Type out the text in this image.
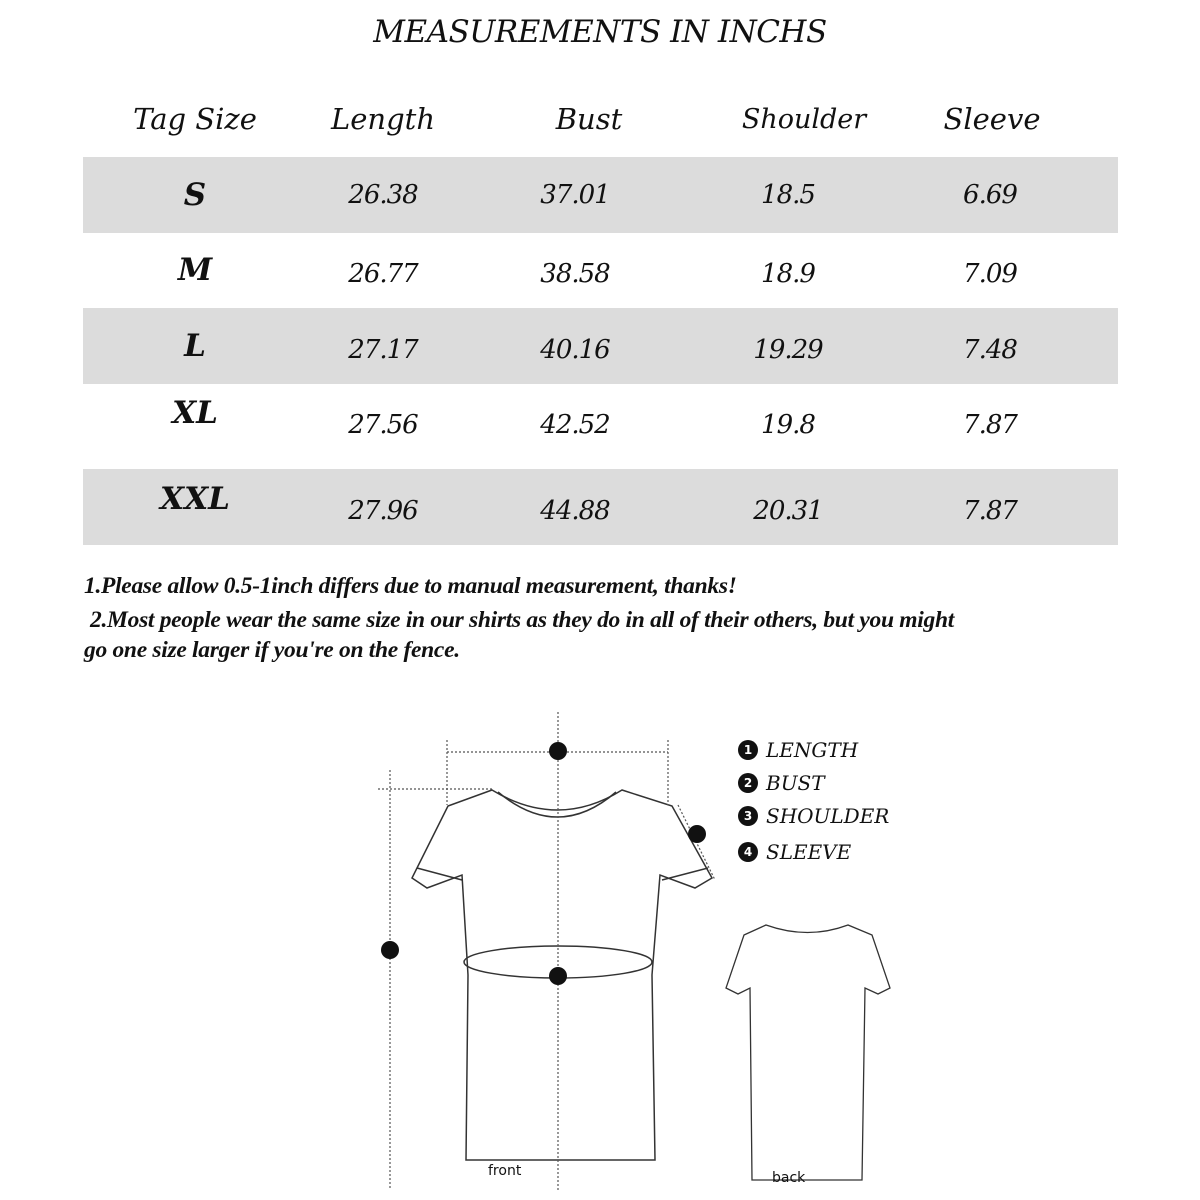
MEASUREMENTS IN INCHS
Tag Size	Length	Bust	Shoulder	Sleeve
S	26.38	37.01	18.5	6.69
M	26.77	38.58	18.9	7.09
L	27.17	40.16	19.29	7.48
XL	27.56	42.52	19.8	7.87
XXL	27.96	44.88	20.31	7.87
1.Please allow 0.5-1inch differs due to manual measurement, thanks!
2.Most people wear the same size in our shirts as they do in all of their others, but you might
go one size larger if you're on the fence.
1 LENGTH
2 BUST
3 SHOULDER
4 SLEEVE
front	back
